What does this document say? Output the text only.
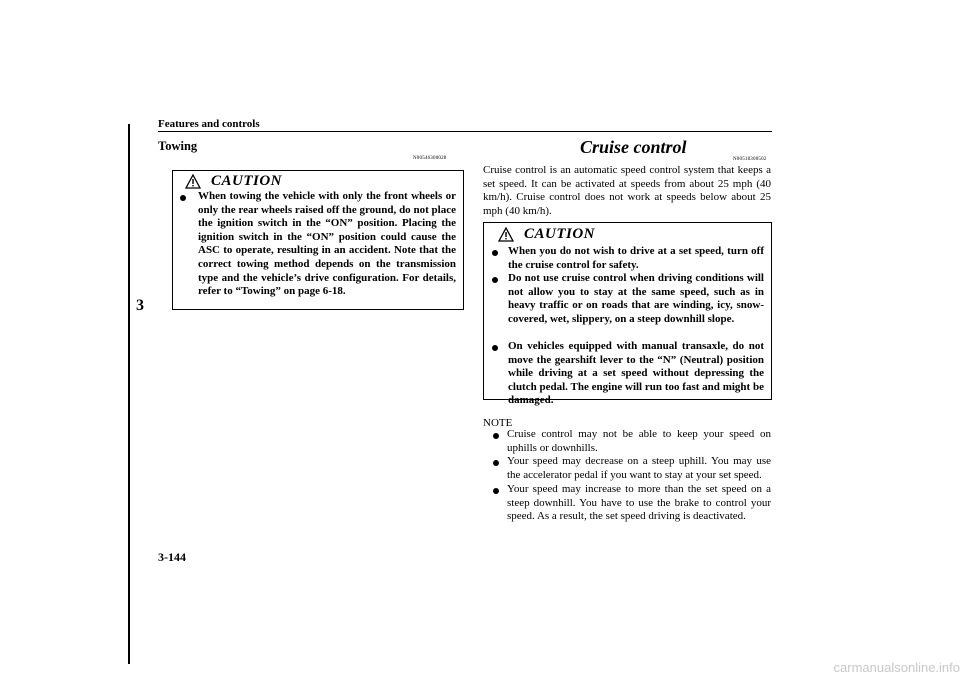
Features and controls
3
Towing
N00546300028
CAUTION
When towing the vehicle with only the front wheels or only the rear wheels raised off the ground, do not place the ignition switch in the “ON” position. Placing the ignition switch in the “ON” position could cause the ASC to operate, resulting in an accident. Note that the correct towing method depends on the transmission type and the vehicle’s drive configuration. For details, refer to “Towing” on page 6-18.
Cruise control
N00518300502
Cruise control is an automatic speed control system that keeps a set speed. It can be activated at speeds from about 25 mph (40 km/h). Cruise control does not work at speeds below about 25 mph (40 km/h).
CAUTION
When you do not wish to drive at a set speed, turn off the cruise control for safety.
Do not use cruise control when driving conditions will not allow you to stay at the same speed, such as in heavy traffic or on roads that are winding, icy, snow-covered, wet, slippery, on a steep downhill slope.
On vehicles equipped with manual transaxle, do not move the gearshift lever to the “N” (Neutral) position while driving at a set speed without depressing the clutch pedal. The engine will run too fast and might be damaged.
NOTE
Cruise control may not be able to keep your speed on uphills or downhills.
Your speed may decrease on a steep uphill. You may use the accelerator pedal if you want to stay at your set speed.
Your speed may increase to more than the set speed on a steep downhill. You have to use the brake to control your speed. As a result, the set speed driving is deactivated.
3-144
carmanualsonline.info
